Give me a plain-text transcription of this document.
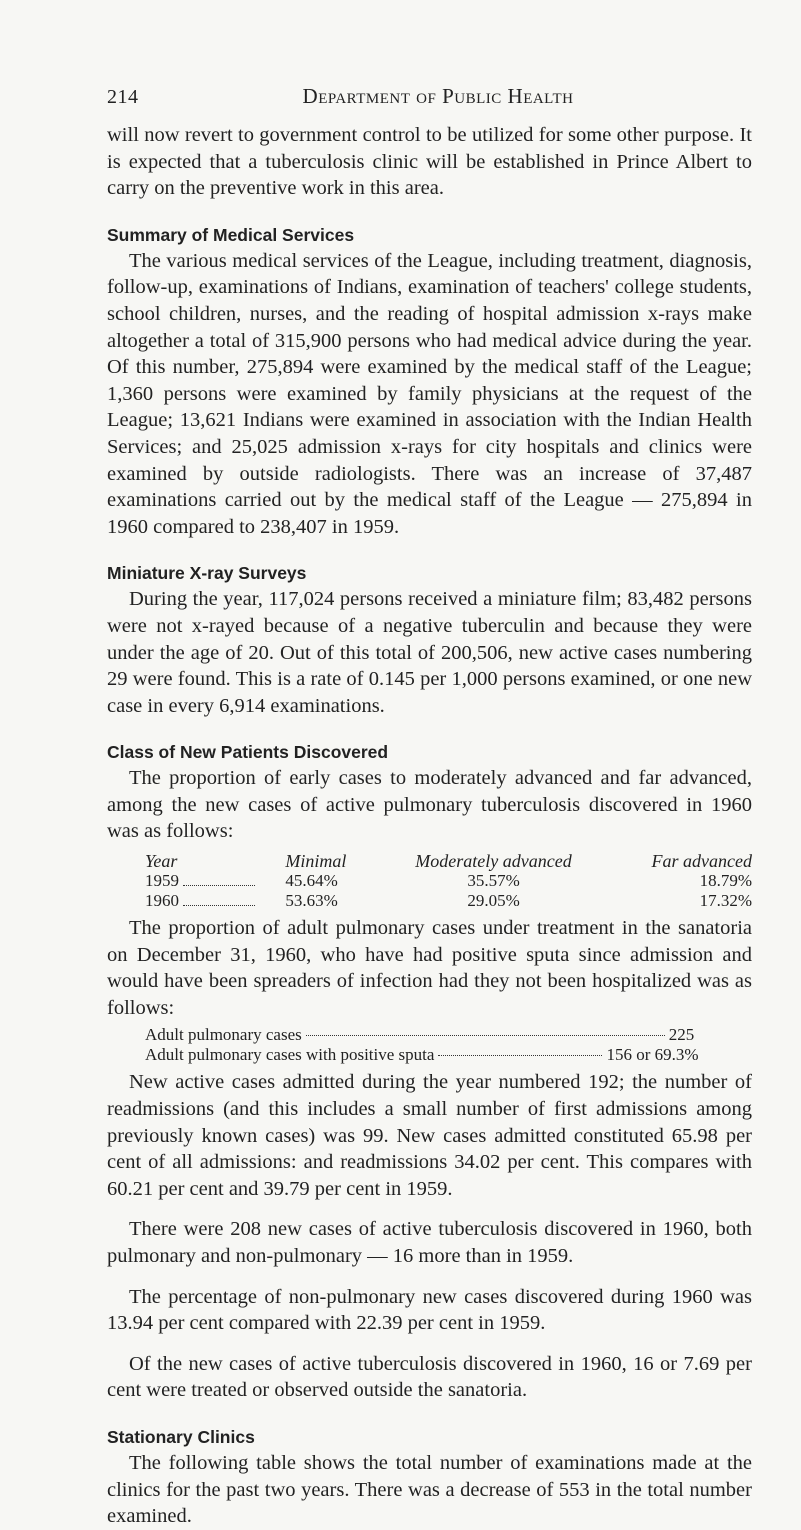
214	Department of Public Health

will now revert to government control to be utilized for some other purpose. It is expected that a tuberculosis clinic will be established in Prince Albert to carry on the preventive work in this area.

Summary of Medical Services

The various medical services of the League, including treatment, diagnosis, follow-up, examinations of Indians, examination of teachers' college students, school children, nurses, and the reading of hospital admission x-rays make altogether a total of 315,900 persons who had medical advice during the year. Of this number, 275,894 were examined by the medical staff of the League; 1,360 persons were examined by family physicians at the request of the League; 13,621 Indians were examined in association with the Indian Health Services; and 25,025 admission x-rays for city hospitals and clinics were examined by outside radiologists. There was an increase of 37,487 examinations carried out by the medical staff of the League — 275,894 in 1960 compared to 238,407 in 1959.

Miniature X-ray Surveys

During the year, 117,024 persons received a miniature film; 83,482 persons were not x-rayed because of a negative tuberculin and because they were under the age of 20. Out of this total of 200,506, new active cases numbering 29 were found. This is a rate of 0.145 per 1,000 persons examined, or one new case in every 6,914 examinations.

Class of New Patients Discovered

The proportion of early cases to moderately advanced and far advanced, among the new cases of active pulmonary tuberculosis discovered in 1960 was as follows:

Year	Minimal	Moderately advanced	Far advanced
1959	45.64%	35.57%	18.79%
1960	53.63%	29.05%	17.32%

The proportion of adult pulmonary cases under treatment in the sanatoria on December 31, 1960, who have had positive sputa since admission and would have been spreaders of infection had they not been hospitalized was as follows:

Adult pulmonary cases	225
Adult pulmonary cases with positive sputa	156 or 69.3%

New active cases admitted during the year numbered 192; the number of readmissions (and this includes a small number of first admissions among previously known cases) was 99. New cases admitted constituted 65.98 per cent of all admissions: and readmissions 34.02 per cent. This compares with 60.21 per cent and 39.79 per cent in 1959.

There were 208 new cases of active tuberculosis discovered in 1960, both pulmonary and non-pulmonary — 16 more than in 1959.

The percentage of non-pulmonary new cases discovered during 1960 was 13.94 per cent compared with 22.39 per cent in 1959.

Of the new cases of active tuberculosis discovered in 1960, 16 or 7.69 per cent were treated or observed outside the sanatoria.

Stationary Clinics

The following table shows the total number of examinations made at the clinics for the past two years. There was a decrease of 553 in the total number examined.
